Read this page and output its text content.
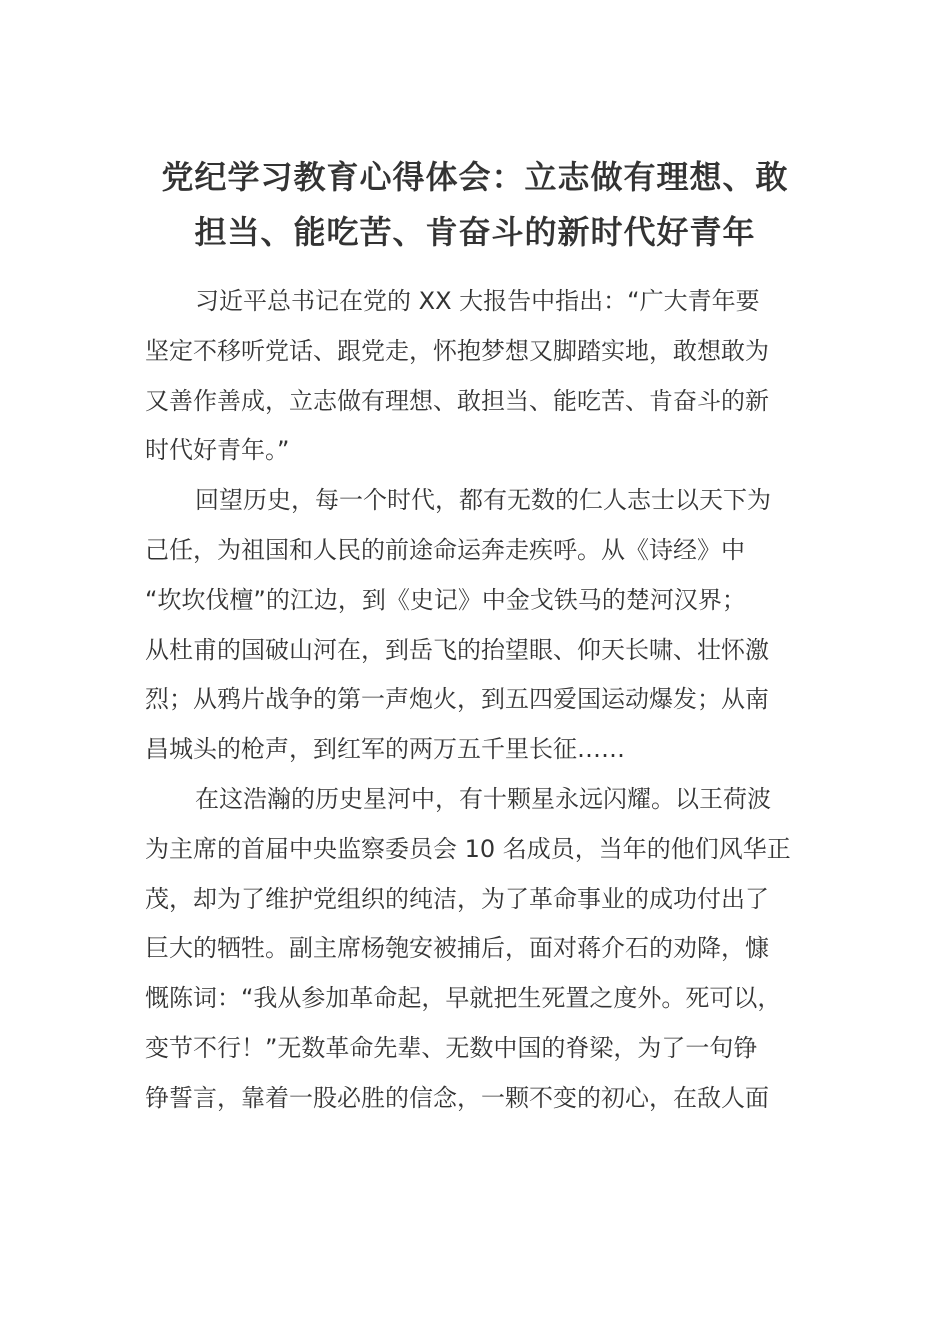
党纪学习教育心得体会：立志做有理想、敢
担当、能吃苦、肯奋斗的新时代好青年

习近平总书记在党的 XX 大报告中指出：“广大青年要
坚定不移听党话、跟党走，怀抱梦想又脚踏实地，敢想敢为
又善作善成，立志做有理想、敢担当、能吃苦、肯奋斗的新
时代好青年。”

回望历史，每一个时代，都有无数的仁人志士以天下为
己任，为祖国和人民的前途命运奔走疾呼。从《诗经》中
“坎坎伐檀”的江边，到《史记》中金戈铁马的楚河汉界；
从杜甫的国破山河在，到岳飞的抬望眼、仰天长啸、壮怀激
烈；从鸦片战争的第一声炮火，到五四爱国运动爆发；从南
昌城头的枪声，到红军的两万五千里长征……

在这浩瀚的历史星河中，有十颗星永远闪耀。以王荷波
为主席的首届中央监察委员会 10 名成员，当年的他们风华正
茂，却为了维护党组织的纯洁，为了革命事业的成功付出了
巨大的牺牲。副主席杨匏安被捕后，面对蒋介石的劝降，慷
慨陈词：“我从参加革命起，早就把生死置之度外。死可以，
变节不行！”无数革命先辈、无数中国的脊梁，为了一句铮
铮誓言，靠着一股必胜的信念，一颗不变的初心，在敌人面
